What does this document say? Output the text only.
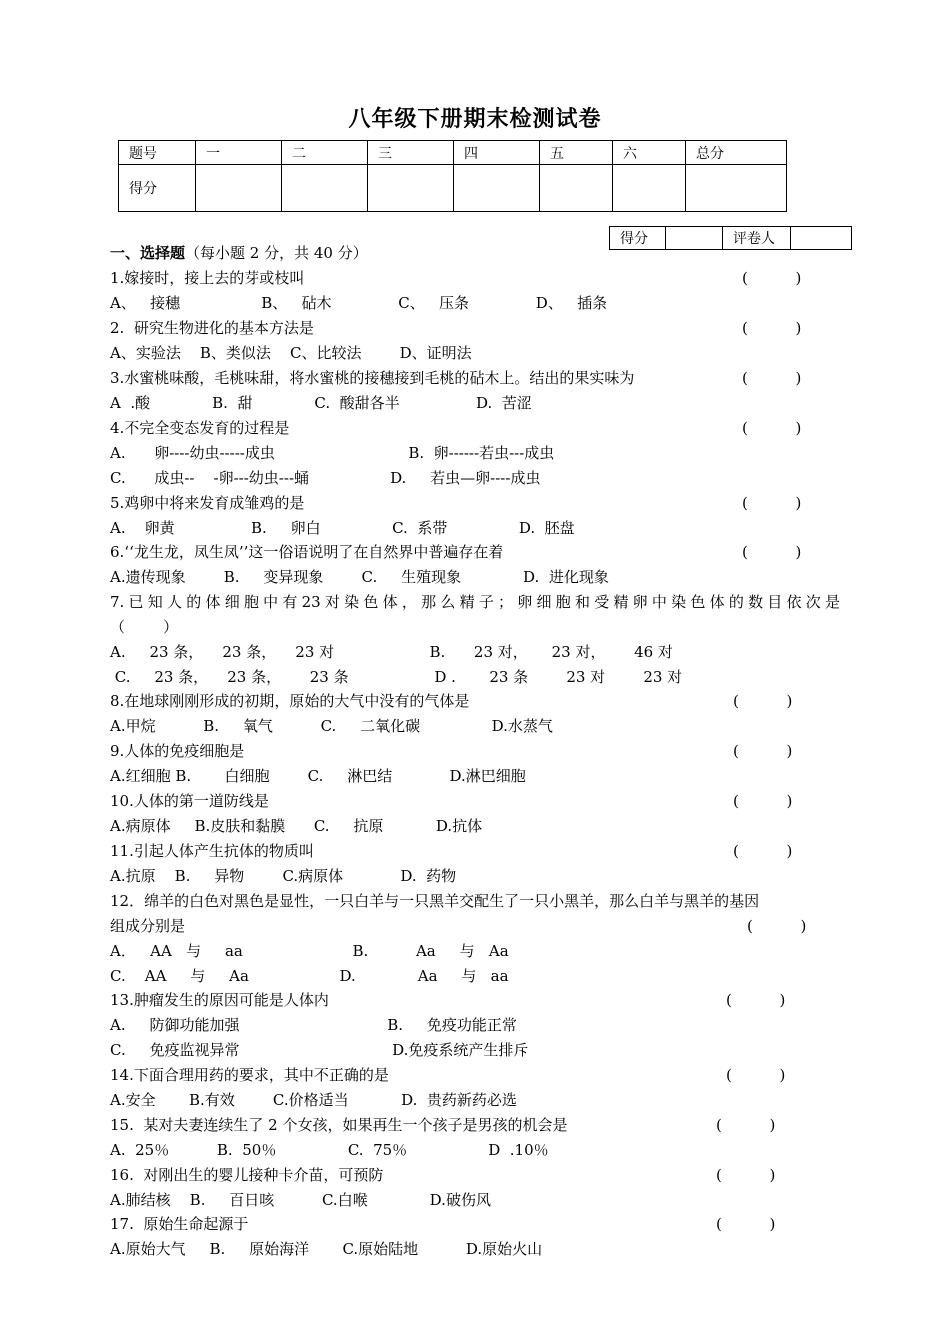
八年级下册期末检测试卷
题号	一	二	三	四	五	六	总分
得分							
得分		评卷人	
一、选择题（每小题 2 分，共 40 分）
1.嫁接时，接上去的芽或枝叫	(          )
A、   接穗                 B、   砧木              C、   压条              D、   插条
2.  研究生物进化的基本方法是	(          )
A、实验法    B、类似法    C、比较法        D、证明法
3.水蜜桃味酸，毛桃味甜，将水蜜桃的接穗接到毛桃的砧木上。结出的果实味为	(          )
A  .酸             B.  甜             C.  酸甜各半                D.  苦涩
4.不完全变态发育的过程是	(          )
A.      卵----幼虫-----成虫                            B.  卵------若虫---成虫
C.      成虫--    -卵---幼虫---蛹                 D.     若虫—卵----成虫
5.鸡卵中将来发育成雏鸡的是	(          )
A.    卵黄                B.     卵白               C.  系带               D.  胚盘
6.‘‘龙生龙，凤生凤’’这一俗语说明了在自然界中普遍存在着	(          )
A.遗传现象        B.     变异现象        C.     生殖现象             D.  进化现象
7.已知人的体细胞中有23对染色体，那么精子；卵细胞和受精卵中染色体的数目依次是
（        ）
A.     23 条，    23 条，    23 对                    B.      23 对，     23 对，      46 对
C.     23 条，    23 条，      23 条                  D .       23 条        23 对        23 对
8.在地球刚刚形成的初期，原始的大气中没有的气体是	(          )
A.甲烷          B.     氧气          C.     二氧化碳               D.水蒸气
9.人体的免疫细胞是	(          )
A.红细胞 B.       白细胞        C.     淋巴结            D.淋巴细胞
10.人体的第一道防线是	(          )
A.病原体     B.皮肤和黏膜      C.     抗原           D.抗体
11.引起人体产生抗体的物质叫	(          )
A.抗原    B.     异物        C.病原体            D.  药物
12．绵羊的白色对黑色是显性，一只白羊与一只黑羊交配生了一只小黑羊，那么白羊与黑羊的基因
组成分别是	(          )
A．   AA   与     aa                       B.          Aa     与   Aa
C.    AA     与     Aa                   D.             Aa     与   aa
13.肿瘤发生的原因可能是人体内	(          )
A.     防御功能加强                               B.     免疫功能正常
C.     免疫监视异常                                D.免疫系统产生排斥
14.下面合理用药的要求，其中不正确的是	(          )
A.安全       B.有效        C.价格适当           D.  贵药新药必选
15.  某对夫妻连续生了 2 个女孩，如果再生一个孩子是男孩的机会是	(          )
A.  25％          B.  50％               C.  75％                 D  .10％
16.  对刚出生的婴儿接种卡介苗，可预防	(          )
A.肺结核    B.     百日咳          C.白喉             D.破伤风
17.  原始生命起源于	(          )
A.原始大气     B.     原始海洋       C.原始陆地          D.原始火山
